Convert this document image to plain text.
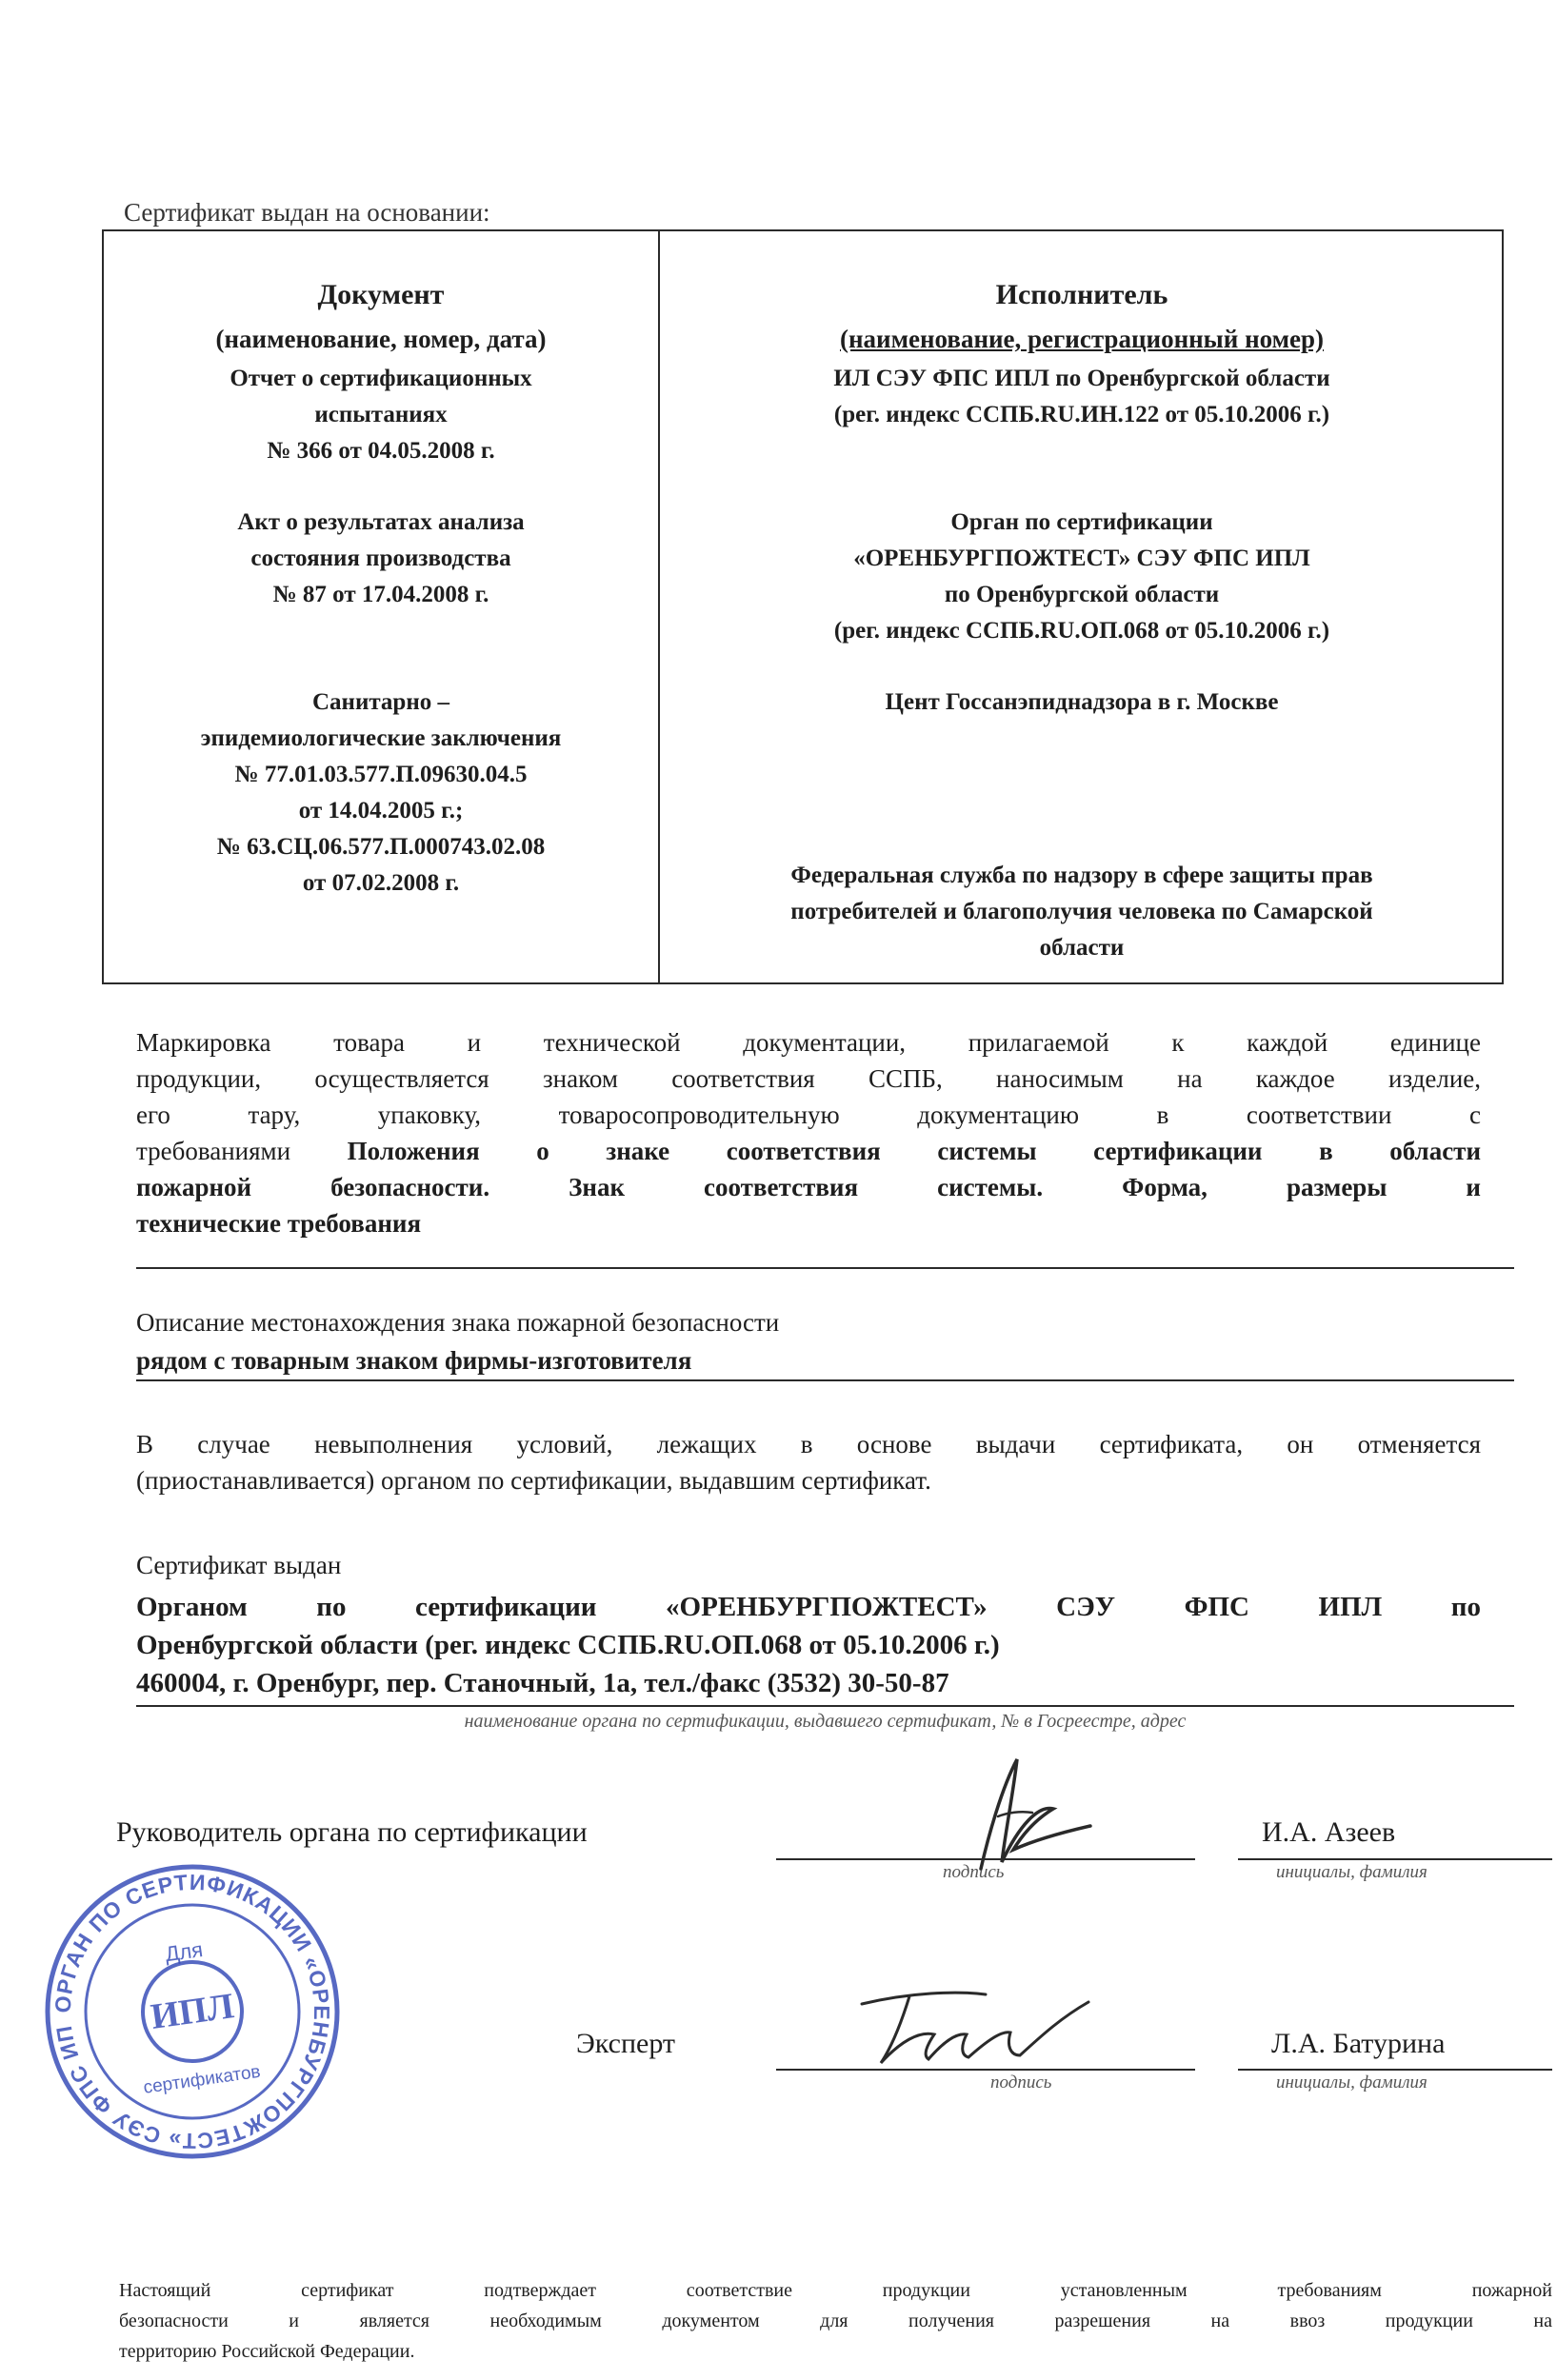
Сертификат выдан на основании:
Документ
(наименование, номер, дата)
Отчет о сертификационных
испытаниях
№ 366 от 04.05.2008 г.
Акт о результатах анализа
состояния производства
№ 87 от 17.04.2008 г.
Санитарно –
эпидемиологические заключения
№ 77.01.03.577.П.09630.04.5
от 14.04.2005 г.;
№ 63.СЦ.06.577.П.000743.02.08
от 07.02.2008 г.
Исполнитель
(наименование, регистрационный номер)
ИЛ СЭУ ФПС ИПЛ по Оренбургской области
(рег. индекс ССПБ.RU.ИН.122 от 05.10.2006 г.)
Орган по сертификации
«ОРЕНБУРГПОЖТЕСТ» СЭУ ФПС ИПЛ
по Оренбургской области
(рег. индекс ССПБ.RU.ОП.068 от 05.10.2006 г.)
Цент Госсанэпиднадзора в г. Москве
Федеральная служба по надзору в сфере защиты прав
потребителей и благополучия человека по Самарской
области
Маркировка товара и технической документации, прилагаемой к каждой единице
продукции, осуществляется знаком соответствия ССПБ, наносимым на каждое изделие,
его тару, упаковку, товаросопроводительную документацию в соответствии с
требованиями Положения о знаке соответствия системы сертификации в области
пожарной безопасности. Знак соответствия системы. Форма, размеры и
технические требования
Описание местонахождения знака пожарной безопасности
рядом с товарным знаком фирмы-изготовителя
В случае невыполнения условий, лежащих в основе выдачи сертификата, он отменяется
(приостанавливается) органом по сертификации, выдавшим сертификат.
Сертификат выдан
Органом по сертификации «ОРЕНБУРГПОЖТЕСТ» СЭУ ФПС ИПЛ по
Оренбургской области (рег. индекс ССПБ.RU.ОП.068 от 05.10.2006 г.)
460004, г. Оренбург, пер. Станочный, 1а, тел./факс (3532) 30-50-87
наименование органа по сертификации, выдавшего сертификат, № в Госреестре, адрес
Руководитель органа по сертификации
подпись
И.А. Азеев
инициалы, фамилия
Эксперт
подпись
Л.А. Батурина
инициалы, фамилия
ОРГАН ПО СЕРТИФИКАЦИИ «ОРЕНБУРГПОЖТЕСТ» СЭУ ФПС ИПЛ
Для
ИПЛ
сертификатов
Настоящий сертификат подтверждает соответствие продукции установленным требованиям пожарной
безопасности и является необходимым документом для получения разрешения на ввоз продукции на
территорию Российской Федерации.
